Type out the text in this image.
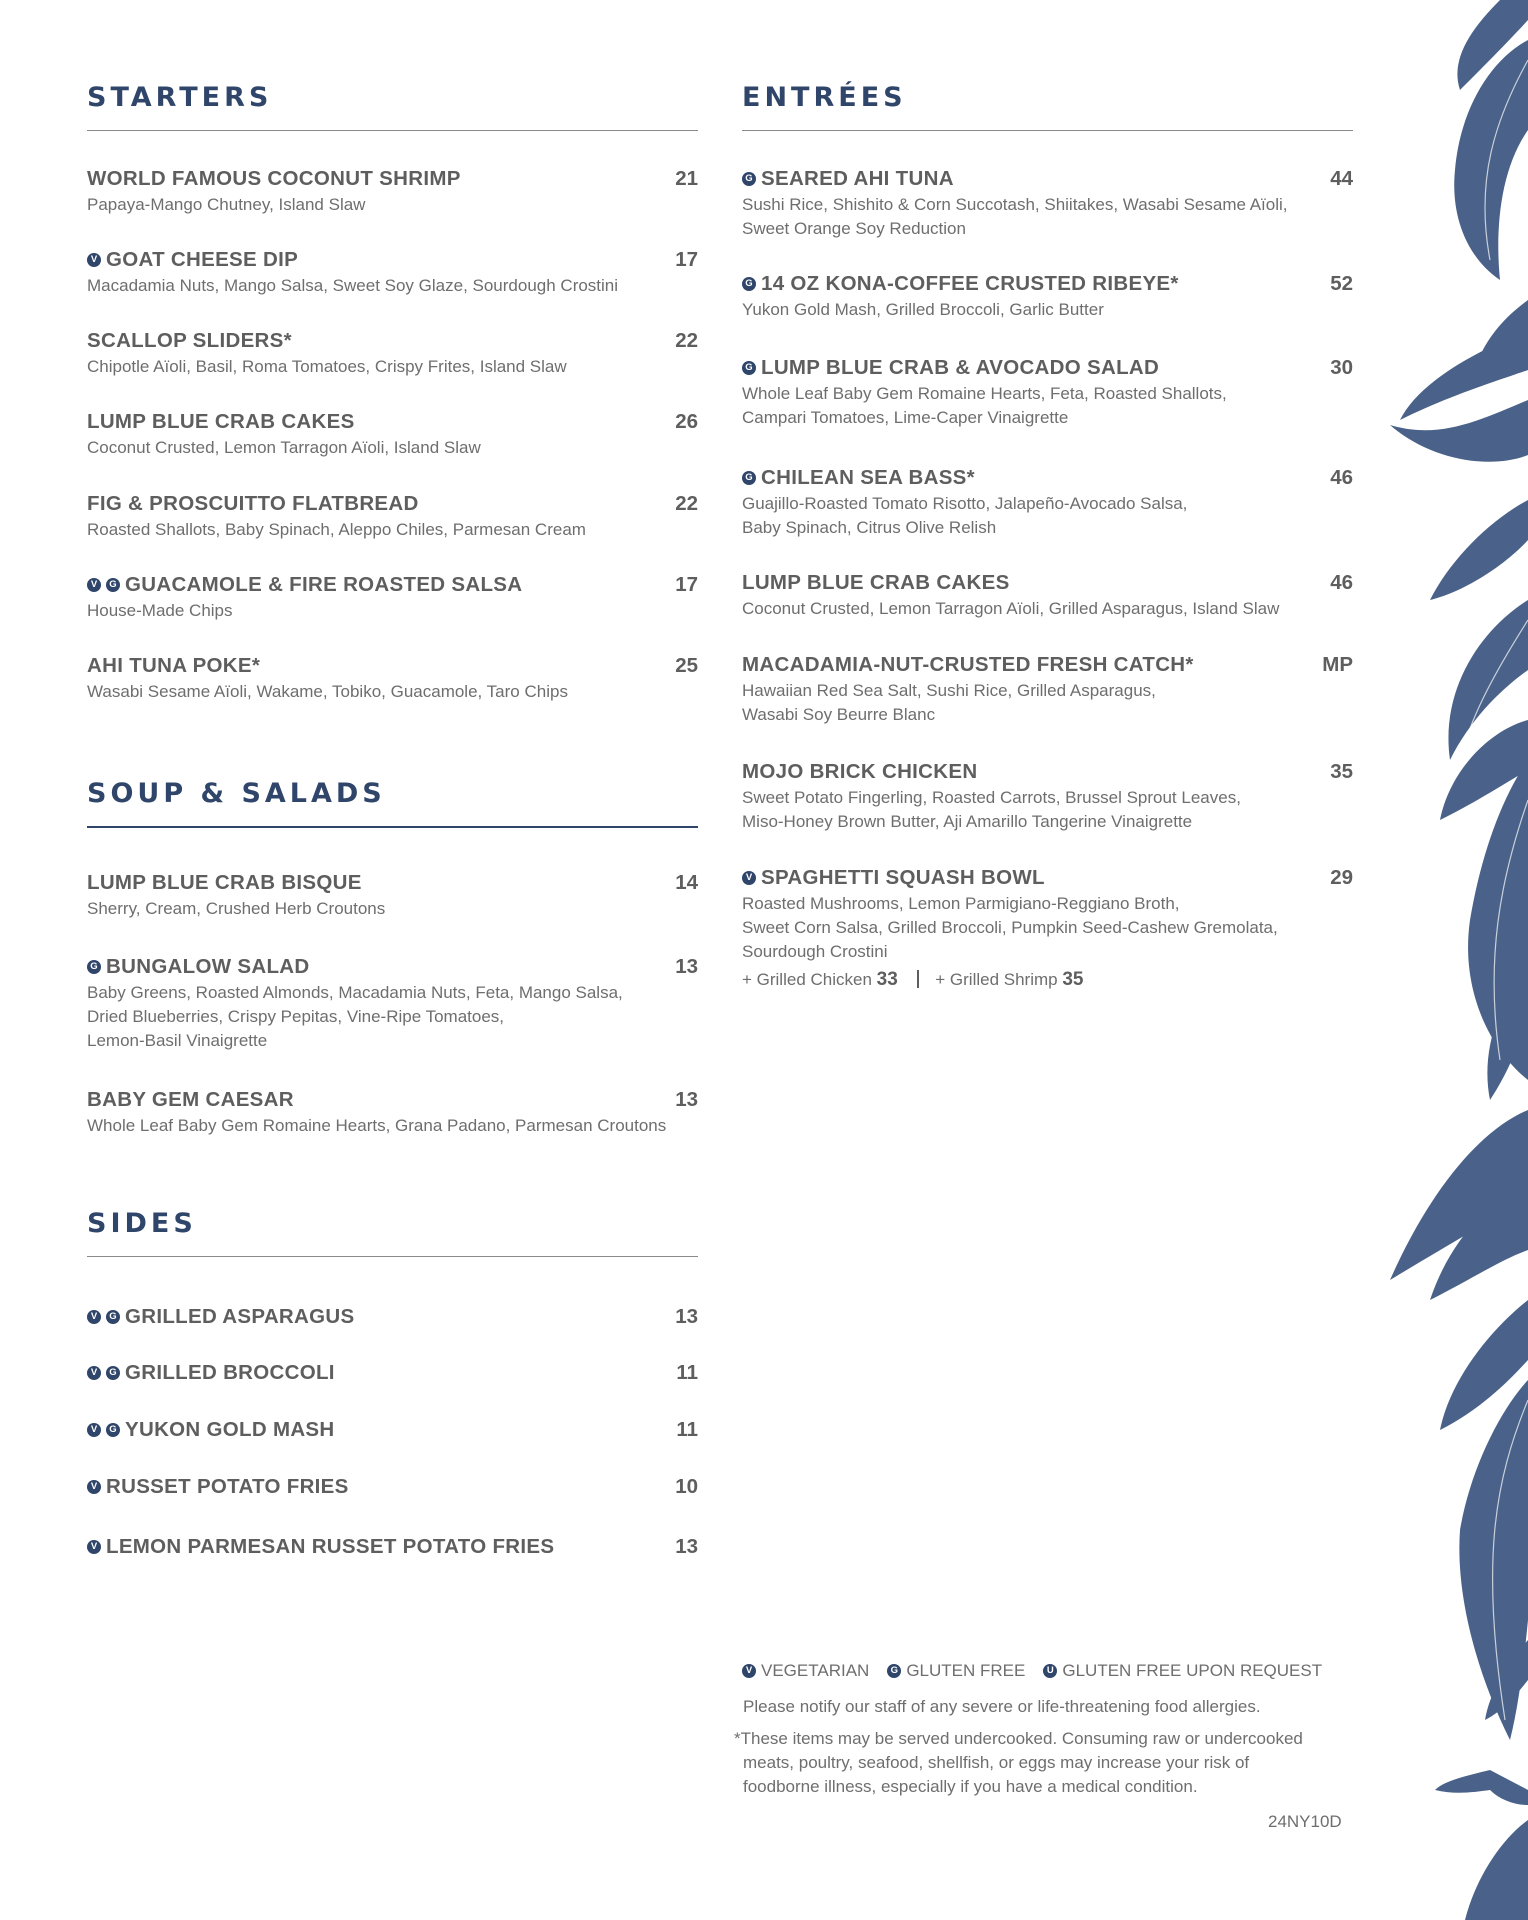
STARTERS
WORLD FAMOUS COCONUT SHRIMP	21
Papaya-Mango Chutney, Island Slaw
V GOAT CHEESE DIP	17
Macadamia Nuts, Mango Salsa, Sweet Soy Glaze, Sourdough Crostini
SCALLOP SLIDERS*	22
Chipotle Aïoli, Basil, Roma Tomatoes, Crispy Frites, Island Slaw
LUMP BLUE CRAB CAKES	26
Coconut Crusted, Lemon Tarragon Aïoli, Island Slaw
FIG & PROSCUITTO FLATBREAD	22
Roasted Shallots, Baby Spinach, Aleppo Chiles, Parmesan Cream
V	G GUACAMOLE & FIRE ROASTED SALSA	17
House-Made Chips
AHI TUNA POKE*	25
Wasabi Sesame Aïoli, Wakame, Tobiko, Guacamole, Taro Chips
SOUP & SALADS
LUMP BLUE CRAB BISQUE	14
Sherry, Cream, Crushed Herb Croutons
G BUNGALOW SALAD	13
Baby Greens, Roasted Almonds, Macadamia Nuts, Feta, Mango Salsa,
Dried Blueberries, Crispy Pepitas, Vine-Ripe Tomatoes,
Lemon-Basil Vinaigrette
BABY GEM CAESAR	13
Whole Leaf Baby Gem Romaine Hearts, Grana Padano, Parmesan Croutons
SIDES
V	G GRILLED ASPARAGUS	13
V	G GRILLED BROCCOLI	11
V	G YUKON GOLD MASH	11
V RUSSET POTATO FRIES	10
V LEMON PARMESAN RUSSET POTATO FRIES	13
ENTRÉES
G SEARED AHI TUNA	44
Sushi Rice, Shishito & Corn Succotash, Shiitakes, Wasabi Sesame Aïoli,
Sweet Orange Soy Reduction
G 14 OZ KONA-COFFEE CRUSTED RIBEYE*	52
Yukon Gold Mash, Grilled Broccoli, Garlic Butter
G LUMP BLUE CRAB & AVOCADO SALAD	30
Whole Leaf Baby Gem Romaine Hearts, Feta, Roasted Shallots,
Campari Tomatoes, Lime-Caper Vinaigrette
G CHILEAN SEA BASS*	46
Guajillo-Roasted Tomato Risotto, Jalapeño-Avocado Salsa,
Baby Spinach, Citrus Olive Relish
LUMP BLUE CRAB CAKES	46
Coconut Crusted, Lemon Tarragon Aïoli, Grilled Asparagus, Island Slaw
MACADAMIA-NUT-CRUSTED FRESH CATCH*	MP
Hawaiian Red Sea Salt, Sushi Rice, Grilled Asparagus,
Wasabi Soy Beurre Blanc
MOJO BRICK CHICKEN	35
Sweet Potato Fingerling, Roasted Carrots, Brussel Sprout Leaves,
Miso-Honey Brown Butter, Aji Amarillo Tangerine Vinaigrette
V SPAGHETTI SQUASH BOWL	29
Roasted Mushrooms, Lemon Parmigiano-Reggiano Broth,
Sweet Corn Salsa, Grilled Broccoli, Pumpkin Seed-Cashew Gremolata,
Sourdough Crostini
+ Grilled Chicken 33 + Grilled Shrimp 35
V VEGETARIAN	G GLUTEN FREE	U GLUTEN FREE UPON REQUEST
Please notify our staff of any severe or life-threatening food allergies.
*These items may be served undercooked. Consuming raw or undercooked
meats, poultry, seafood, shellfish, or eggs may increase your risk of
foodborne illness, especially if you have a medical condition.
24NY10D
